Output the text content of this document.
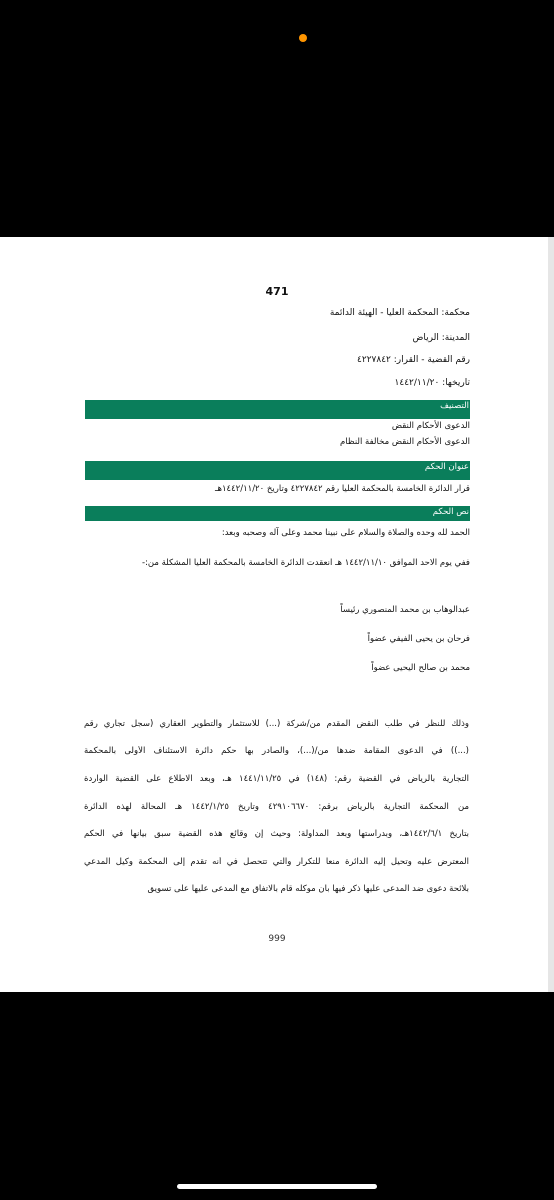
471
محكمة: المحكمة العليا - الهيئة الدائمة
المدينة: الرياض
رقم القضية - القرار: ٤٢٢٧٨٤٢
تاريخها: ١٤٤٢/١١/٢٠
التصنيف
الدعوى الأحكام النقض
الدعوى الأحكام النقض مخالفة النظام
عنوان الحكم
قرار الدائرة الخامسة بالمحكمة العليا رقم ٤٢٢٧٨٤٢ وتاريخ ١٤٤٢/١١/٢٠هـ
نص الحكم
الحمد لله وحده والصلاة والسلام على نبينا محمد وعلى آله وصحبه وبعد:
ففي يوم الاحد الموافق ١٤٤٢/١١/١٠ هـ انعقدت الدائرة الخامسة بالمحكمة العليا المشكلة من:-
عبدالوهاب بن محمد المنصوري رئيساً
فرحان بن يحيى الفيفي عضواً
محمد بن صالح اليحيى عضواً
وذلك للنظر في طلب النقض المقدم من/شركة (...) للاستثمار والتطوير العقاري (سجل تجاري رقم
(...)) في الدعوى المقامة ضدها من/(...)، والصادر بها حكم دائرة الاستئناف الأولى بالمحكمة
التجارية بالرياض في القضية رقم: (١٤٨) في ١٤٤١/١١/٢٥ هـ، وبعد الاطلاع على القضية الواردة
من المحكمة التجارية بالرياض برقم: ٤٢٩١٠٦٦٧٠ وتاريخ ١٤٤٢/١/٢٥ هـ المحالة لهذه الدائرة
بتاريخ ١٤٤٢/٦/١هـ، وبدراستها وبعد المداولة: وحيث إن وقائع هذه القضية سبق بيانها في الحكم
المعترض عليه وتحيل إليه الدائرة منعاً للتكرار والتي تتحصل في أنه تقدم إلى المحكمة وكيل المدعي
بلائحة دعوى ضد المدعى عليها ذكر فيها بأن موكله قام بالاتفاق مع المدعى عليها على تسويق
999
